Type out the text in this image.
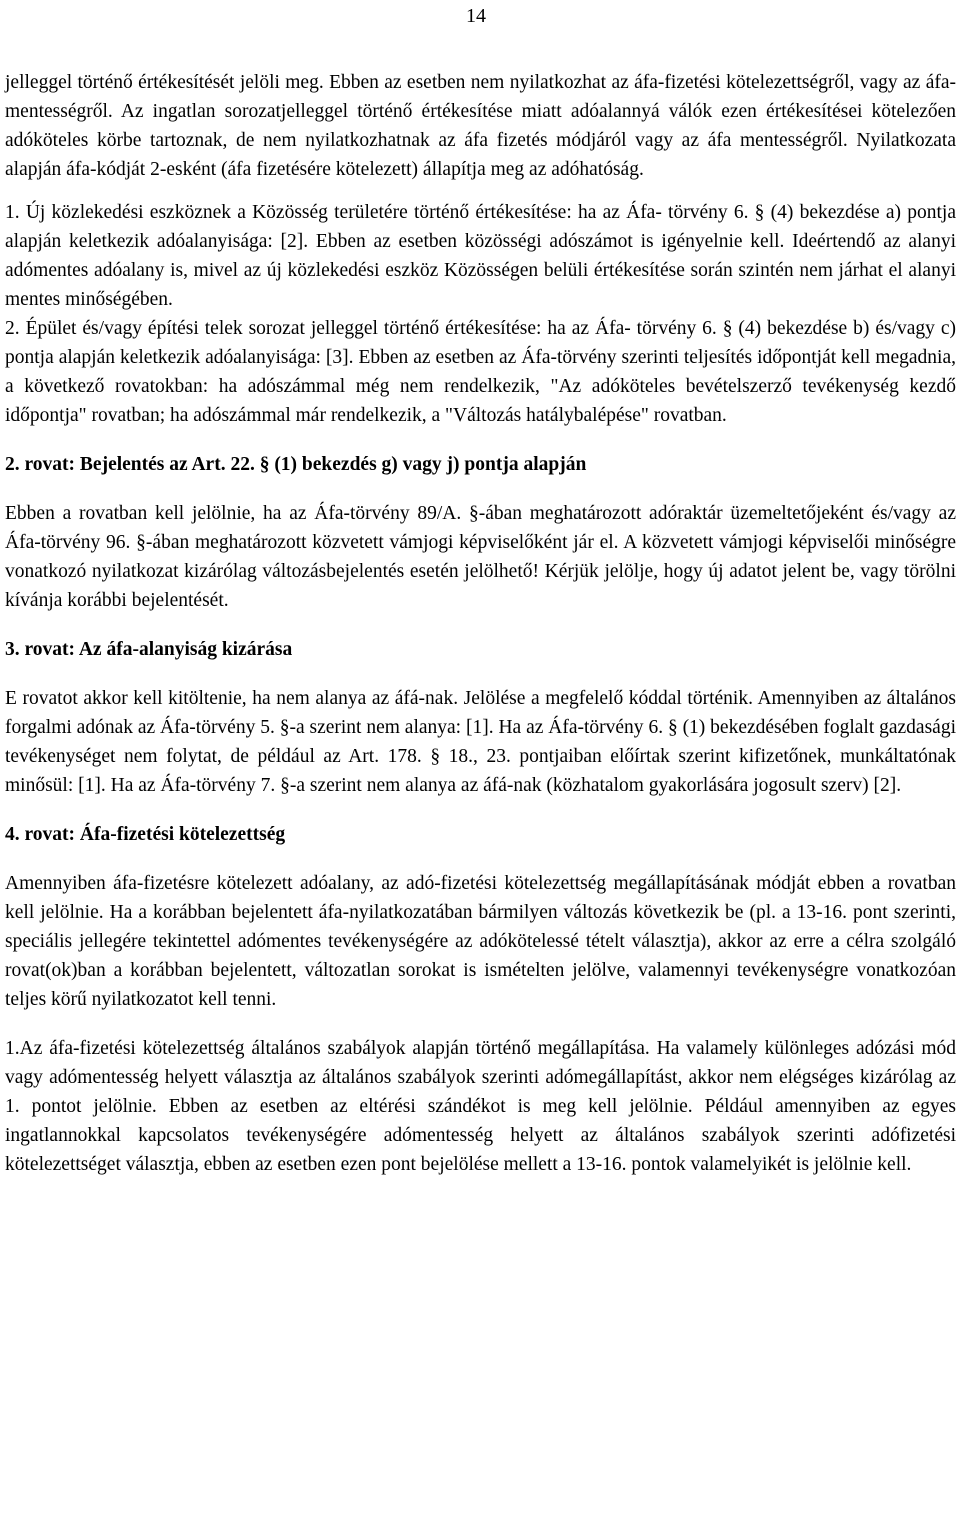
14

jelleggel történő értékesítését jelöli meg. Ebben az esetben nem nyilatkozhat az áfa-fizetési kötelezettségről, vagy az áfa-mentességről. Az ingatlan sorozatjelleggel történő értékesítése miatt adóalannyá válók ezen értékesítései kötelezően adóköteles körbe tartoznak, de nem nyilatkozhatnak az áfa fizetés módjáról vagy az áfa mentességről. Nyilatkozata alapján áfa-kódját 2-esként (áfa fizetésére kötelezett) állapítja meg az adóhatóság.

1. Új közlekedési eszköznek a Közösség területére történő értékesítése: ha az Áfa- törvény 6. § (4) bekezdése a) pontja alapján keletkezik adóalanyisága: [2]. Ebben az esetben közösségi adószámot is igényelnie kell. Ideértendő az alanyi adómentes adóalany is, mivel az új közlekedési eszköz Közösségen belüli értékesítése során szintén nem járhat el alanyi mentes minőségében.

2. Épület és/vagy építési telek sorozat jelleggel történő értékesítése: ha az Áfa- törvény 6. § (4) bekezdése b) és/vagy c) pontja alapján keletkezik adóalanyisága: [3]. Ebben az esetben az Áfa-törvény szerinti teljesítés időpontját kell megadnia, a következő rovatokban: ha adószámmal még nem rendelkezik, "Az adóköteles bevételszerző tevékenység kezdő időpontja" rovatban; ha adószámmal már rendelkezik, a "Változás hatálybalépése" rovatban.

2. rovat: Bejelentés az Art. 22. § (1) bekezdés g) vagy j) pontja alapján

Ebben a rovatban kell jelölnie, ha az Áfa-törvény 89/A. §-ában meghatározott adóraktár üzemeltetőjeként és/vagy az Áfa-törvény 96. §-ában meghatározott közvetett vámjogi képviselőként jár el. A közvetett vámjogi képviselői minőségre vonatkozó nyilatkozat kizárólag változásbejelentés esetén jelölhető! Kérjük jelölje, hogy új adatot jelent be, vagy törölni kívánja korábbi bejelentését.

3. rovat: Az áfa-alanyiság kizárása

E rovatot akkor kell kitöltenie, ha nem alanya az áfá-nak. Jelölése a megfelelő kóddal történik. Amennyiben az általános forgalmi adónak az Áfa-törvény 5. §-a szerint nem alanya: [1]. Ha az Áfa-törvény 6. § (1) bekezdésében foglalt gazdasági tevékenységet nem folytat, de például az Art. 178. § 18., 23. pontjaiban előírtak szerint kifizetőnek, munkáltatónak minősül: [1]. Ha az Áfa-törvény 7. §-a szerint nem alanya az áfá-nak (közhatalom gyakorlására jogosult szerv) [2].

4. rovat: Áfa-fizetési kötelezettség

Amennyiben áfa-fizetésre kötelezett adóalany, az adó-fizetési kötelezettség megállapításának módját ebben a rovatban kell jelölnie. Ha a korábban bejelentett áfa-nyilatkozatában bármilyen változás következik be (pl. a 13-16. pont szerinti, speciális jellegére tekintettel adómentes tevékenységére az adókötelessé tételt választja), akkor az erre a célra szolgáló rovat(ok)ban a korábban bejelentett, változatlan sorokat is ismételten jelölve, valamennyi tevékenységre vonatkozóan teljes körű nyilatkozatot kell tenni.

1.Az áfa-fizetési kötelezettség általános szabályok alapján történő megállapítása. Ha valamely különleges adózási mód vagy adómentesség helyett választja az általános szabályok szerinti adómegállapítást, akkor nem elégséges kizárólag az 1. pontot jelölnie. Ebben az esetben az eltérési szándékot is meg kell jelölnie. Például amennyiben az egyes ingatlannokkal kapcsolatos tevékenységére adómentesség helyett az általános szabályok szerinti adófizetési kötelezettséget választja, ebben az esetben ezen pont bejelölése mellett a 13-16. pontok valamelyikét is jelölnie kell.
